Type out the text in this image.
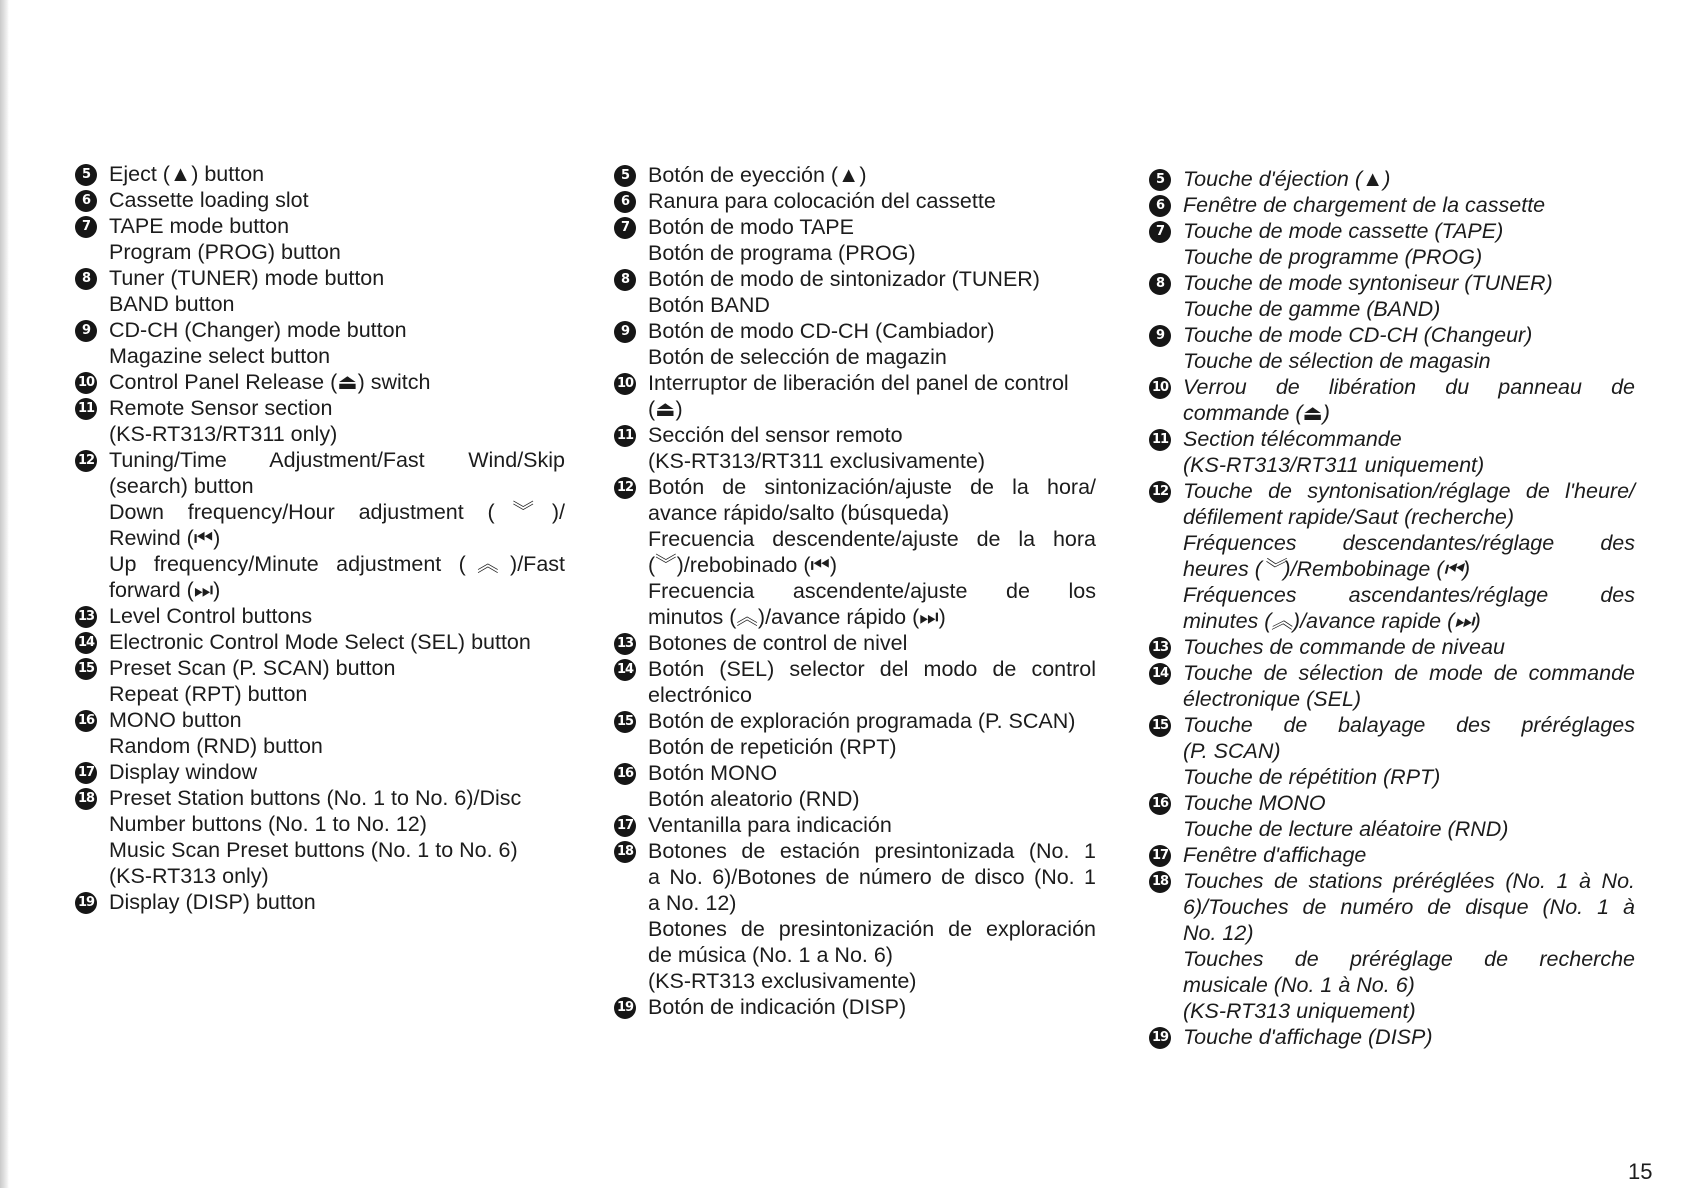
5 Eject (▲) button
6 Cassette loading slot
7 TAPE mode button
Program (PROG) button
8 Tuner (TUNER) mode button
BAND button
9 CD-CH (Changer) mode button
Magazine select button
10 Control Panel Release (⏏) switch
11 Remote Sensor section
(KS-RT313/RT311 only)
12 Tuning/Time Adjustment/Fast Wind/Skip
(search) button
Down frequency/Hour adjustment (︾)/
Rewind (⏮)
Up frequency/Minute adjustment (︽)/Fast
forward (⏭)
13 Level Control buttons
14 Electronic Control Mode Select (SEL) button
15 Preset Scan (P. SCAN) button
Repeat (RPT) button
16 MONO button
Random (RND) button
17 Display window
18 Preset Station buttons (No. 1 to No. 6)/Disc
Number buttons (No. 1 to No. 12)
Music Scan Preset buttons (No. 1 to No. 6)
(KS-RT313 only)
19 Display (DISP) button
5 Botón de eyección (▲)
6 Ranura para colocación del cassette
7 Botón de modo TAPE
Botón de programa (PROG)
8 Botón de modo de sintonizador (TUNER)
Botón BAND
9 Botón de modo CD-CH (Cambiador)
Botón de selección de magazin
10 Interruptor de liberación del panel de control
(⏏)
11 Sección del sensor remoto
(KS-RT313/RT311 exclusivamente)
12 Botón de sintonización/ajuste de la hora/
avance rápido/salto (búsqueda)
Frecuencia descendente/ajuste de la hora
(︾)/rebobinado (⏮)
Frecuencia ascendente/ajuste de los
minutos (︽)/avance rápido (⏭)
13 Botones de control de nivel
14 Botón (SEL) selector del modo de control
electrónico
15 Botón de exploración programada (P. SCAN)
Botón de repetición (RPT)
16 Botón MONO
Botón aleatorio (RND)
17 Ventanilla para indicación
18 Botones de estación presintonizada (No. 1
a No. 6)/Botones de número de disco (No. 1
a No. 12)
Botones de presintonización de exploración
de música (No. 1 a No. 6)
(KS-RT313 exclusivamente)
19 Botón de indicación (DISP)
5 Touche d'éjection (▲)
6 Fenêtre de chargement de la cassette
7 Touche de mode cassette (TAPE)
Touche de programme (PROG)
8 Touche de mode syntoniseur (TUNER)
Touche de gamme (BAND)
9 Touche de mode CD-CH (Changeur)
Touche de sélection de magasin
10 Verrou de libération du panneau de
commande (⏏)
11 Section télécommande
(KS-RT313/RT311 uniquement)
12 Touche de syntonisation/réglage de l'heure/
défilement rapide/Saut (recherche)
Fréquences descendantes/réglage des
heures (︾)/Rembobinage (⏮)
Fréquences ascendantes/réglage des
minutes (︽)/avance rapide (⏭)
13 Touches de commande de niveau
14 Touche de sélection de mode de commande
électronique (SEL)
15 Touche de balayage des préréglages
(P. SCAN)
Touche de répétition (RPT)
16 Touche MONO
Touche de lecture aléatoire (RND)
17 Fenêtre d'affichage
18 Touches de stations préréglées (No. 1 à No.
6)/Touches de numéro de disque (No. 1 à
No. 12)
Touches de préréglage de recherche
musicale (No. 1 à No. 6)
(KS-RT313 uniquement)
19 Touche d'affichage (DISP)
15
